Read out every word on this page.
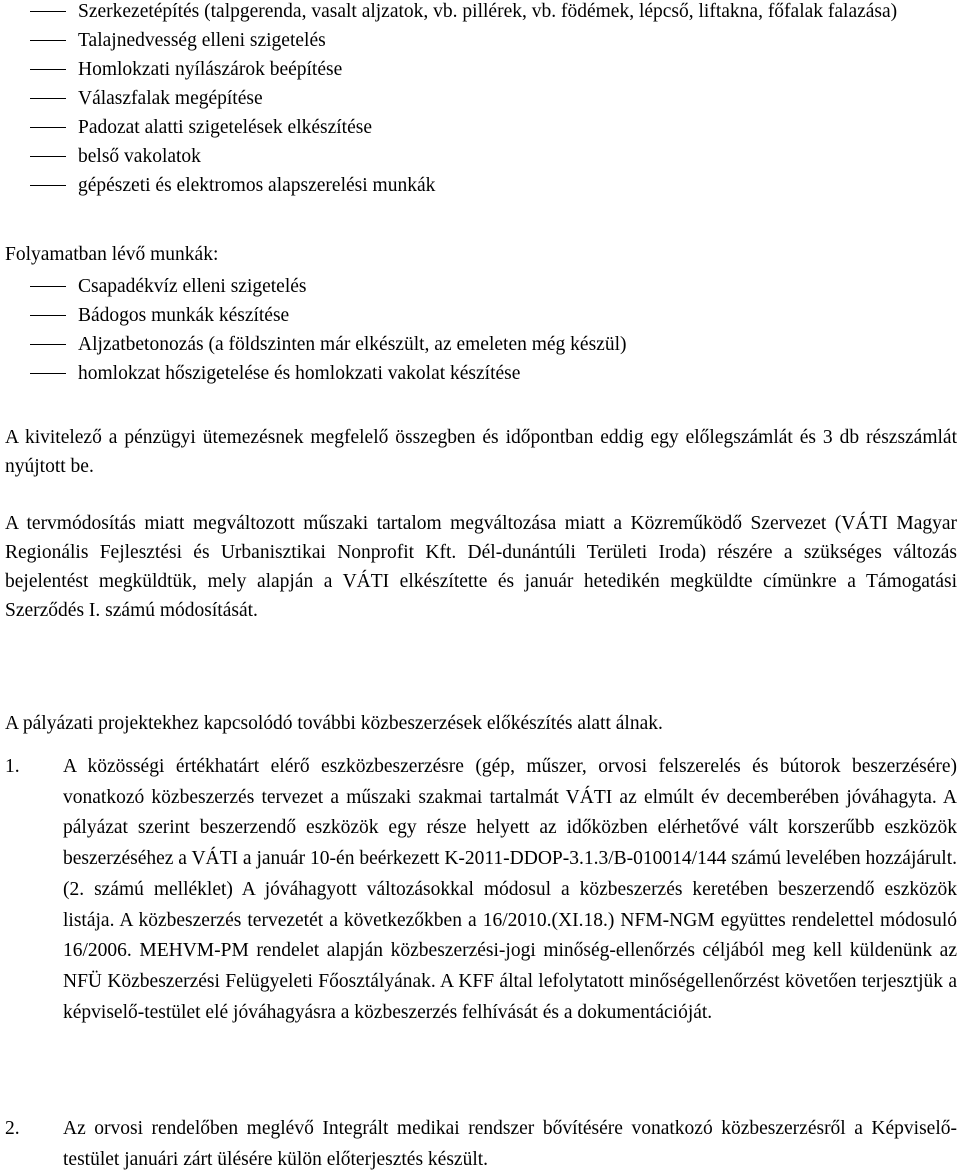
Szerkezetépítés (talpgerenda, vasalt aljzatok, vb. pillérek, vb. födémek, lépcső, liftakna, főfalak falazása)
Talajnedvesség elleni szigetelés
Homlokzati nyílászárok beépítése
Válaszfalak megépítése
Padozat alatti szigetelések elkészítése
belső vakolatok
gépészeti és elektromos alapszerelési munkák
Folyamatban lévő munkák:
Csapadékvíz elleni szigetelés
Bádogos munkák készítése
Aljzatbetonozás (a földszinten már elkészült, az emeleten még készül)
homlokzat hőszigetelése és homlokzati vakolat készítése
A kivitelező a pénzügyi ütemezésnek megfelelő összegben és időpontban eddig egy előlegszámlát és 3 db részszámlát nyújtott be.
A tervmódosítás miatt megváltozott műszaki tartalom megváltozása miatt a Közreműködő Szervezet (VÁTI Magyar Regionális Fejlesztési és Urbanisztikai Nonprofit Kft. Dél-dunántúli Területi Iroda) részére a szükséges változás bejelentést megküldtük, mely alapján a VÁTI elkészítette és január hetedikén megküldte címünkre a Támogatási Szerződés I. számú módosítását.
A pályázati projektekhez kapcsolódó további közbeszerzések előkészítés alatt álnak.
1. A közösségi értékhatárt elérő eszközbeszerzésre (gép, műszer, orvosi felszerelés és bútorok beszerzésére) vonatkozó közbeszerzés tervezet a műszaki szakmai tartalmát VÁTI az elmúlt év decemberében jóváhagyta. A pályázat szerint beszerzendő eszközök egy része helyett az időközben elérhetővé vált korszerűbb eszközök beszerzéséhez a VÁTI a január 10-én beérkezett K-2011-DDOP-3.1.3/B-010014/144 számú levelében hozzájárult. (2. számú melléklet) A jóváhagyott változásokkal módosul a közbeszerzés keretében beszerzendő eszközök listája. A közbeszerzés tervezetét a következőkben a 16/2010.(XI.18.) NFM-NGM együttes rendelettel módosuló 16/2006. MEHVM-PM rendelet alapján közbeszerzési-jogi minőség-ellenőrzés céljából meg kell küldenünk az NFÜ Közbeszerzési Felügyeleti Főosztályának. A KFF által lefolytatott minőségellenőrzést követően terjesztjük a képviselő-testület elé jóváhagyásra a közbeszerzés felhívását és a dokumentációját.
2. Az orvosi rendelőben meglévő Integrált medikai rendszer bővítésére vonatkozó közbeszerzésről a Képviselő-testület januári zárt ülésére külön előterjesztés készült.
